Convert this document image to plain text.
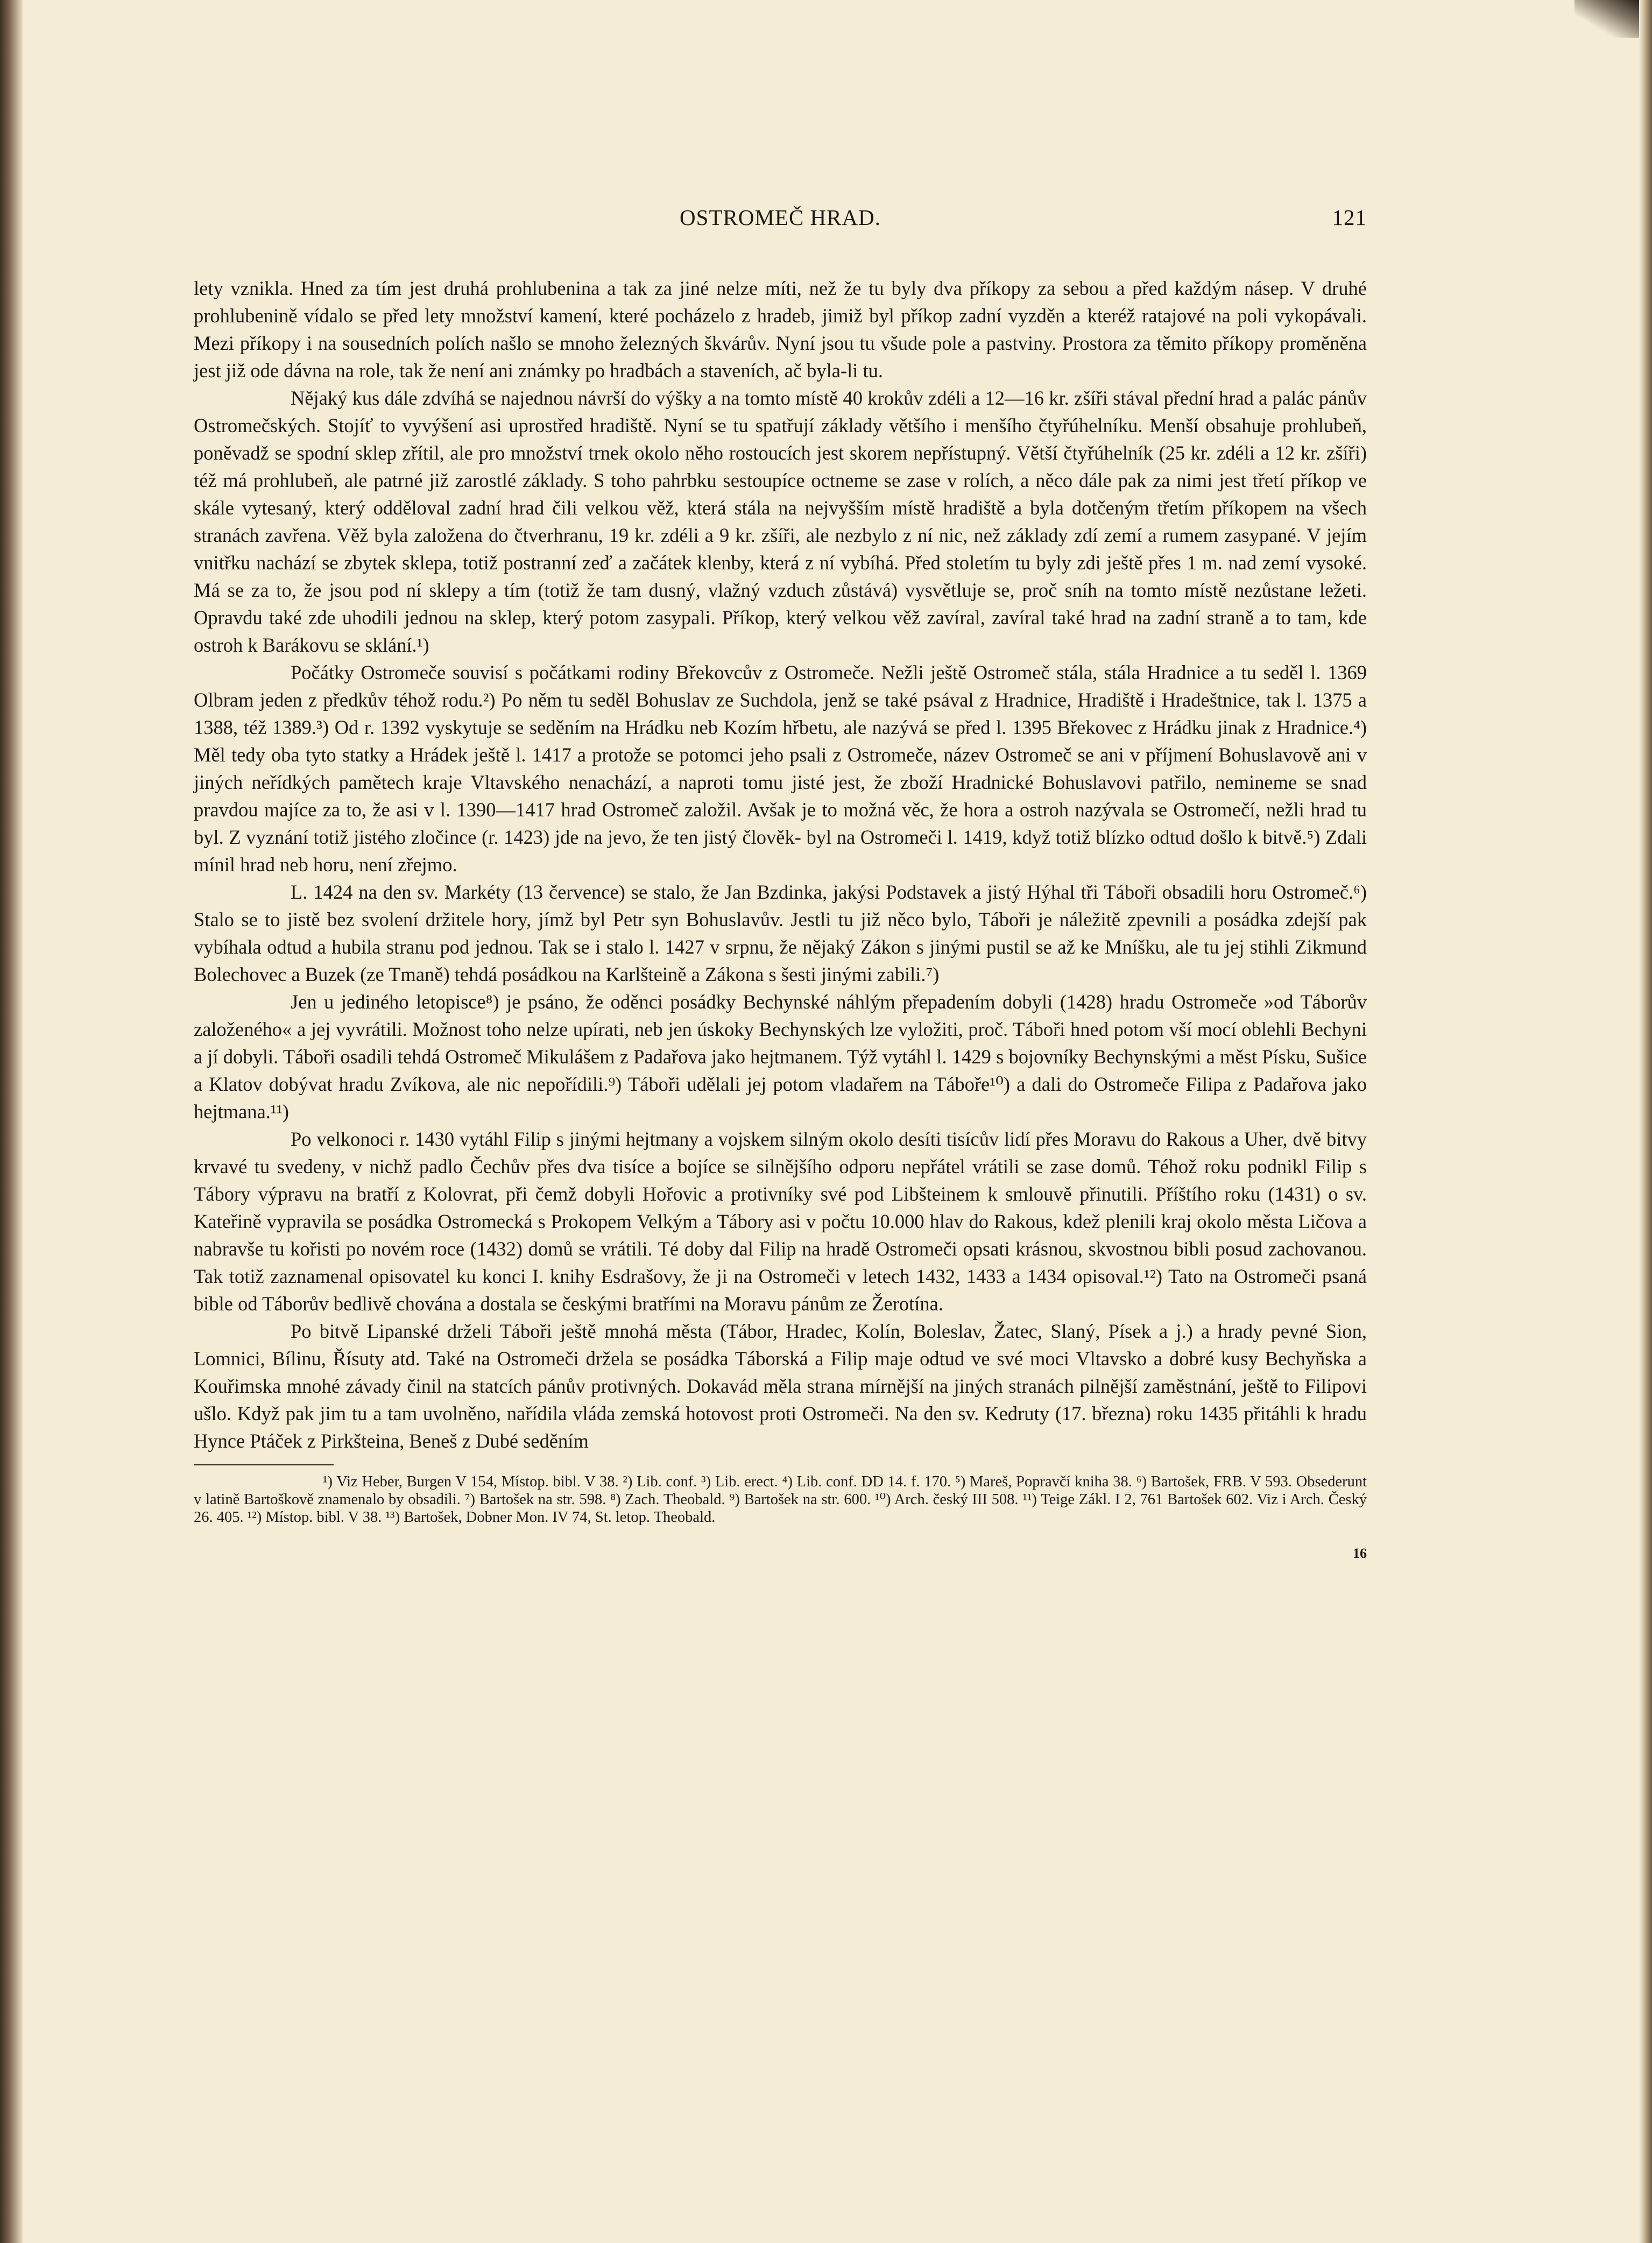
OSTROMEČ HRAD.	121

lety vznikla. Hned za tím jest druhá prohlubenina a tak za jiné nelze míti, než že tu byly dva příkopy za sebou a před každým násep. V druhé prohlubenině vídalo se před lety množství kamení, které pocházelo z hradeb, jimiž byl příkop zadní vyzděn a kteréž ratajové na poli vykopávali. Mezi příkopy i na sousedních polích našlo se mnoho železných škvárův. Nyní jsou tu všude pole a pastviny. Prostora za těmito příkopy proměněna jest již ode dávna na role, tak že není ani známky po hradbách a staveních, ač byla-li tu.

Nějaký kus dále zdvíhá se najednou návrší do výšky a na tomto místě 40 krokův zdéli a 12—16 kr. zšíři stával přední hrad a palác pánův Ostromečských. Stojíť to vyvýšení asi uprostřed hradiště. Nyní se tu spatřují základy většího i menšího čtyřúhelníku. Menší obsahuje prohlubeň, poněvadž se spodní sklep zřítil, ale pro množství trnek okolo něho rostoucích jest skorem nepřístupný. Větší čtyřúhelník (25 kr. zdéli a 12 kr. zšíři) též má prohlubeň, ale patrné již zarostlé základy. S toho pahrbku sestoupíce octneme se zase v rolích, a něco dále pak za nimi jest třetí příkop ve skále vytesaný, který odděloval zadní hrad čili velkou věž, která stála na nejvyšším místě hradiště a byla dotčeným třetím příkopem na všech stranách zavřena. Věž byla založena do čtverhranu, 19 kr. zdéli a 9 kr. zšíři, ale nezbylo z ní nic, než základy zdí zemí a rumem zasypané. V jejím vnitřku nachází se zbytek sklepa, totiž postranní zeď a začátek klenby, která z ní vybíhá. Před stoletím tu byly zdi ještě přes 1 m. nad zemí vysoké. Má se za to, že jsou pod ní sklepy a tím (totiž že tam dusný, vlažný vzduch zůstává) vysvětluje se, proč sníh na tomto místě nezůstane ležeti. Opravdu také zde uhodili jednou na sklep, který potom zasypali. Příkop, který velkou věž zavíral, zavíral také hrad na zadní straně a to tam, kde ostroh k Barákovu se sklání.¹)

Počátky Ostromeče souvisí s počátkami rodiny Břekovcův z Ostromeče. Nežli ještě Ostromeč stála, stála Hradnice a tu seděl l. 1369 Olbram jeden z předkův téhož rodu.²) Po něm tu seděl Bohuslav ze Suchdola, jenž se také psával z Hradnice, Hradiště i Hradeštnice, tak l. 1375 a 1388, též 1389.³) Od r. 1392 vyskytuje se seděním na Hrádku neb Kozím hřbetu, ale nazývá se před l. 1395 Břekovec z Hrádku jinak z Hradnice.⁴) Měl tedy oba tyto statky a Hrádek ještě l. 1417 a protože se potomci jeho psali z Ostromeče, název Ostromeč se ani v příjmení Bohuslavově ani v jiných neřídkých pamětech kraje Vltavského nenachází, a naproti tomu jisté jest, že zboží Hradnické Bohuslavovi patřilo, nemineme se snad pravdou majíce za to, že asi v l. 1390—1417 hrad Ostromeč založil. Avšak je to možná věc, že hora a ostroh nazývala se Ostromečí, nežli hrad tu byl. Z vyznání totiž jistého zločince (r. 1423) jde na jevo, že ten jistý člověk- byl na Ostromeči l. 1419, když totiž blízko odtud došlo k bitvě.⁵) Zdali mínil hrad neb horu, není zřejmo.

L. 1424 na den sv. Markéty (13 července) se stalo, že Jan Bzdinka, jakýsi Podstavek a jistý Hýhal tři Táboři obsadili horu Ostromeč.⁶) Stalo se to jistě bez svolení držitele hory, jímž byl Petr syn Bohuslavův. Jestli tu již něco bylo, Táboři je náležitě zpevnili a posádka zdejší pak vybíhala odtud a hubila stranu pod jednou. Tak se i stalo l. 1427 v srpnu, že nějaký Zákon s jinými pustil se až ke Mníšku, ale tu jej stihli Zikmund Bolechovec a Buzek (ze Tmaně) tehdá posádkou na Karlšteině a Zákona s šesti jinými zabili.⁷)

Jen u jediného letopisce⁸) je psáno, že oděnci posádky Bechynské náhlým přepadením dobyli (1428) hradu Ostromeče »od Táborův založeného« a jej vyvrátili. Možnost toho nelze upírati, neb jen úskoky Bechynských lze vyložiti, proč. Táboři hned potom vší mocí oblehli Bechyni a jí dobyli. Táboři osadili tehdá Ostromeč Mikulášem z Padařova jako hejtmanem. Týž vytáhl l. 1429 s bojovníky Bechynskými a měst Písku, Sušice a Klatov dobývat hradu Zvíkova, ale nic nepořídili.⁹) Táboři udělali jej potom vladařem na Táboře¹⁰) a dali do Ostromeče Filipa z Padařova jako hejtmana.¹¹)

Po velkonoci r. 1430 vytáhl Filip s jinými hejtmany a vojskem silným okolo desíti tisícův lidí přes Moravu do Rakous a Uher, dvě bitvy krvavé tu svedeny, v nichž padlo Čechův přes dva tisíce a bojíce se silnějšího odporu nepřátel vrátili se zase domů. Téhož roku podnikl Filip s Tábory výpravu na bratří z Kolovrat, při čemž dobyli Hořovic a protivníky své pod Libšteinem k smlouvě přinutili. Příštího roku (1431) o sv. Kateřině vypravila se posádka Ostromecká s Prokopem Velkým a Tábory asi v počtu 10.000 hlav do Rakous, kdež plenili kraj okolo města Ličova a nabravše tu kořisti po novém roce (1432) domů se vrátili. Té doby dal Filip na hradě Ostromeči opsati krásnou, skvostnou bibli posud zachovanou. Tak totiž zaznamenal opisovatel ku konci I. knihy Esdrašovy, že ji na Ostromeči v letech 1432, 1433 a 1434 opisoval.¹²) Tato na Ostromeči psaná bible od Táborův bedlivě chována a dostala se českými bratřími na Moravu pánům ze Žerotína.

Po bitvě Lipanské drželi Táboři ještě mnohá města (Tábor, Hradec, Kolín, Boleslav, Žatec, Slaný, Písek a j.) a hrady pevné Sion, Lomnici, Bílinu, Řísuty atd. Také na Ostromeči držela se posádka Táborská a Filip maje odtud ve své moci Vltavsko a dobré kusy Bechyňska a Kouřimska mnohé závady činil na statcích pánův protivných. Dokavád měla strana mírnější na jiných stranách pilnější zaměstnání, ještě to Filipovi ušlo. Když pak jim tu a tam uvolněno, nařídila vláda zemská hotovost proti Ostromeči. Na den sv. Kedruty (17. března) roku 1435 přitáhli k hradu Hynce Ptáček z Pirkšteina, Beneš z Dubé seděním

¹) Viz Heber, Burgen V 154, Místop. bibl. V 38. ²) Lib. conf. ³) Lib. erect. ⁴) Lib. conf. DD 14. f. 170. ⁵) Mareš, Popravčí kniha 38. ⁶) Bartošek, FRB. V 593. Obsederunt v latině Bartoškově znamenalo by obsadili. ⁷) Bartošek na str. 598. ⁸) Zach. Theobald. ⁹) Bartošek na str. 600. ¹⁰) Arch. český III 508. ¹¹) Teige Zákl. I 2, 761 Bartošek 602. Viz i Arch. Český 26. 405. ¹²) Místop. bibl. V 38. ¹³) Bartošek, Dobner Mon. IV 74, St. letop. Theobald.

16
